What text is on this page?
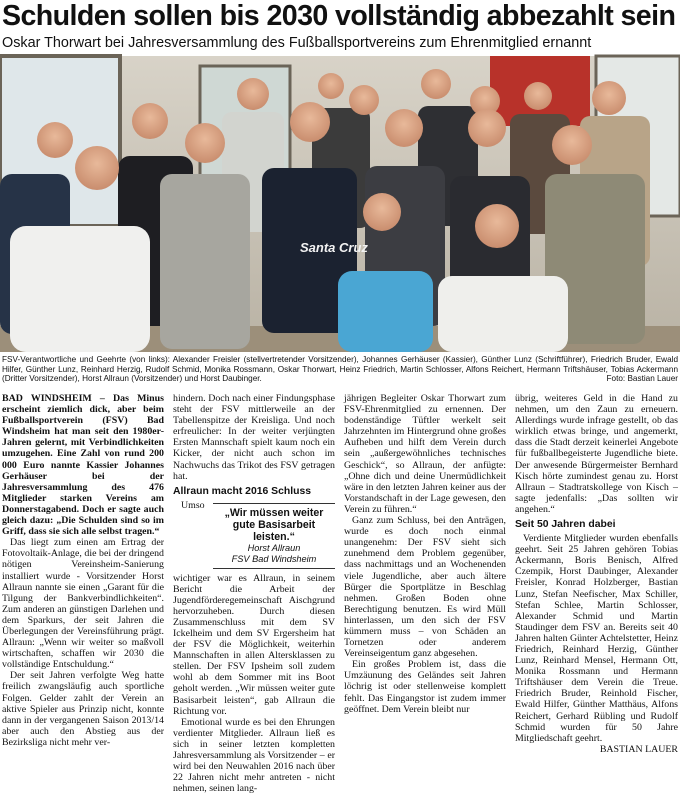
Schulden sollen bis 2030 vollständig abbezahlt sein
Oskar Thorwart bei Jahresversammlung des Fußballsportvereins zum Ehrenmitglied ernannt
Santa Cruz
FSV-Verantwortliche und Geehrte (von links): Alexander Freisler (stellvertretender Vorsitzender), Johannes Gerhäuser (Kassier), Günther Lunz (Schriftführer), Friedrich Bruder, Ewald Hilfer, Günther Lunz, Reinhard Herzig, Rudolf Schmid, Monika Rossmann, Oskar Thorwart, Heinz Friedrich, Martin Schlosser, Alfons Reichert, Hermann Triftshäuser, Tobias Ackermann (Dritter Vorsitzender), Horst Allraun (Vorsitzender) und Horst Daubinger.	Foto: Bastian Lauer

BAD WINDSHEIM – Das Minus erscheint ziemlich dick, aber beim Fußballsportverein (FSV) Bad Windsheim hat man seit den 1980er-Jahren gelernt, mit Verbindlichkeiten umzugehen. Eine Zahl von rund 200 000 Euro nannte Kassier Johannes Gerhäuser bei der Jahresversammlung des 476 Mitglieder starken Vereins am Donnerstagabend. Doch er sagte auch gleich dazu: „Die Schulden sind so im Griff, dass sie sich alle selbst tragen.“

Das liegt zum einen am Ertrag der Fotovoltaik-Anlage, die bei der dringend nötigen Vereinsheim-Sanierung installiert wurde - Vorsitzender Horst Allraun nannte sie einen „Garant für die Tilgung der Bankverbindlichkeiten“. Zum anderen an günstigen Darlehen und dem Sparkurs, der seit Jahren die Überlegungen der Vereinsführung prägt. Allraun: „Wenn wir weiter so maßvoll wirtschaften, schaffen wir 2030 die vollständige Entschuldung.“

Der seit Jahren verfolgte Weg hatte freilich zwangsläufig auch sportliche Folgen. Gelder zahlt der Verein an aktive Spieler aus Prinzip nicht, konnte dann in der vergangenen Saison 2013/14 aber auch den Abstieg aus der Bezirksliga nicht mehr ver-

hindern. Doch nach einer Findungsphase steht der FSV mittlerweile an der Tabellenspitze der Kreisliga. Und noch erfreulicher: In der weiter verjüngten Ersten Mannschaft spielt kaum noch ein Kicker, der nicht auch schon im Nachwuchs das Trikot des FSV getragen hat.

Allraun macht 2016 Schluss
„Wir müssen weiter gute Basisarbeit leisten.“
Horst Allraun
FSV Bad Windsheim

Umso wichtiger war es Allraun, in seinem Bericht die Arbeit der Jugendförderegemeinschaft Aischgrund hervorzuheben. Durch diesen Zusammenschluss mit dem SV Ickelheim und dem SV Ergersheim hat der FSV die Möglichkeit, weiterhin Mannschaften in allen Altersklassen zu stellen. Der FSV Ipsheim soll zudem wohl ab dem Sommer mit ins Boot geholt werden. „Wir müssen weiter gute Basisarbeit leisten“, gab Allraun die Richtung vor.

Emotional wurde es bei den Ehrungen verdienter Mitglieder. Allraun ließ es sich in seiner letzten kompletten Jahresversammlung als Vorsitzender – er wird bei den Neuwahlen 2016 nach über 22 Jahren nicht mehr antreten - nicht nehmen, seinen lang-

jährigen Begleiter Oskar Thorwart zum FSV-Ehrenmitglied zu ernennen. Der bodenständige Tüftler werkelt seit Jahrzehnten im Hintergrund ohne großes Aufheben und hilft dem Verein durch sein „außergewöhnliches technisches Geschick“, so Allraun, der anfügte: „Ohne dich und deine Unermüdlichkeit wäre in den letzten Jahren keiner aus der Vorstandschaft in der Lage gewesen, den Verein zu führen.“

Ganz zum Schluss, bei den Anträgen, wurde es doch noch einmal unangenehm: Der FSV sieht sich zunehmend dem Problem gegenüber, dass nachmittags und an Wochenenden viele Jugendliche, aber auch ältere Bürger die Sportplätze in Beschlag nehmen. Großen Boden ohne Berechtigung benutzen. Es wird Müll hinterlassen, um den sich der FSV kümmern muss – von Schäden an Tornetzen oder anderem Vereinseigentum ganz abgesehen.

Ein großes Problem ist, dass die Umzäunung des Geländes seit Jahren löchrig ist oder stellenweise komplett fehlt. Das Eingangstor ist zudem immer geöffnet. Dem Verein bleibt nur

übrig, weiteres Geld in die Hand zu nehmen, um den Zaun zu erneuern. Allerdings wurde infrage gestellt, ob das wirklich etwas bringe, und angemerkt, dass die Stadt derzeit keinerlei Angebote für fußballbegeisterte Jugendliche biete. Der anwesende Bürgermeister Bernhard Kisch hörte zumindest genau zu. Horst Allraun – Stadtratskollege von Kisch – sagte jedenfalls: „Das sollten wir angehen.“

Seit 50 Jahren dabei

Verdiente Mitglieder wurden ebenfalls geehrt. Seit 25 Jahren gehören Tobias Ackermann, Boris Benisch, Alfred Czempik, Horst Daubinger, Alexander Freisler, Konrad Holzberger, Bastian Lunz, Stefan Neefischer, Max Schiller, Stefan Schlee, Martin Schlosser, Alexander Schmid und Martin Staudinger dem FSV an. Bereits seit 40 Jahren halten Günter Achtelstetter, Heinz Friedrich, Reinhard Herzig, Günther Lunz, Reinhard Mensel, Hermann Ott, Monika Rossmann und Hermann Triftshäuser dem Verein die Treue. Friedrich Bruder, Reinhold Fischer, Ewald Hilfer, Günther Matthäus, Alfons Reichert, Gerhard Rübling und Rudolf Schmid wurden für 50 Jahre Mitgliedschaft geehrt.

BASTIAN LAUER
